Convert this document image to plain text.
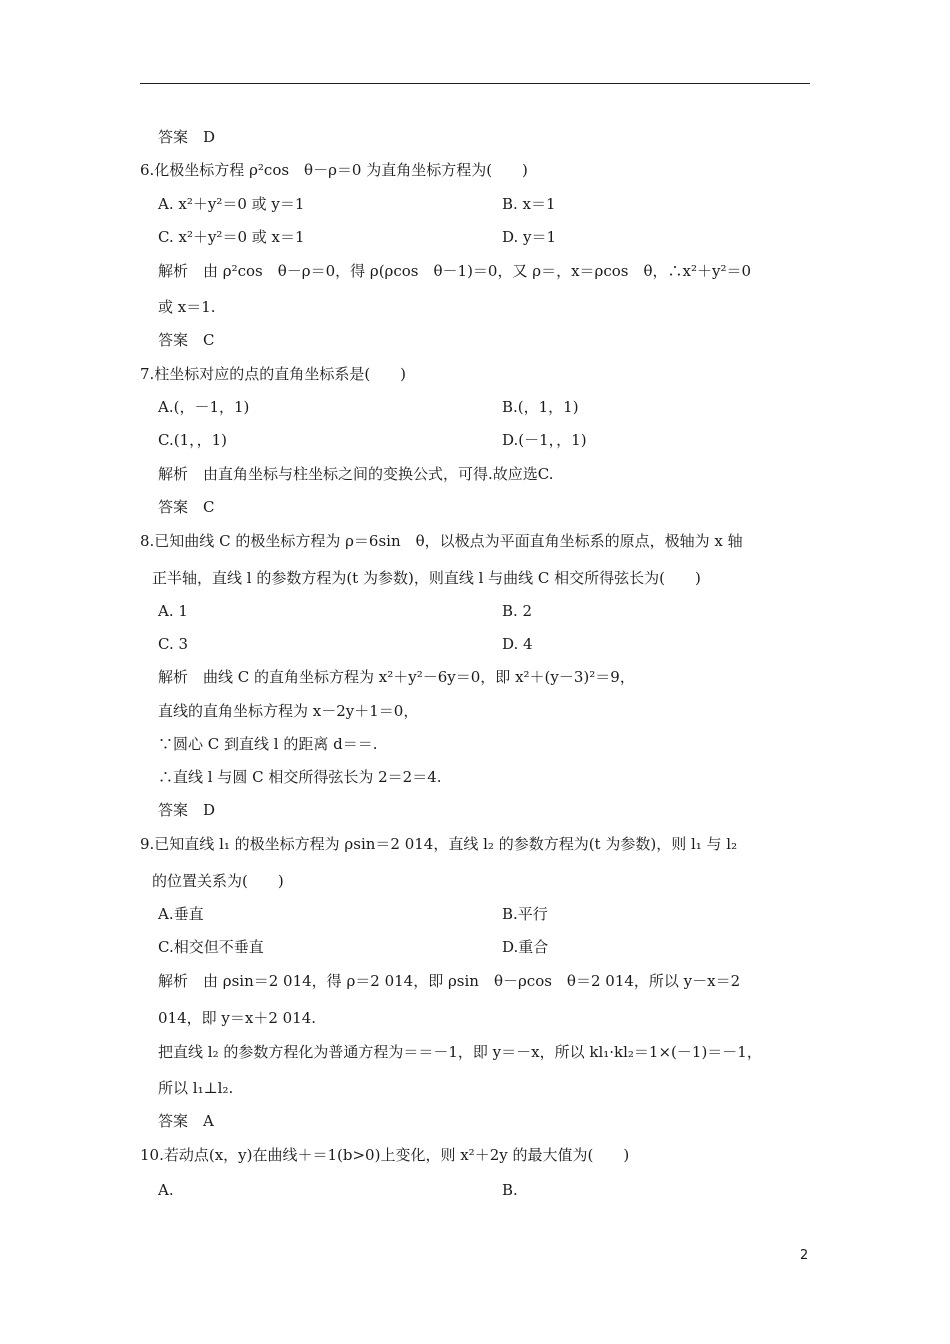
答案　D
6.化极坐标方程 ρ²cos　θ－ρ＝0 为直角坐标方程为(　　)
A. x²＋y²＝0 或 y＝1	B. x＝1
C. x²＋y²＝0 或 x＝1	D. y＝1
解析　由 ρ²cos　θ－ρ＝0，得 ρ(ρcos　θ－1)＝0，又 ρ＝，x＝ρcos　θ，∴x²＋y²＝0
或 x＝1.
答案　C
7.柱坐标对应的点的直角坐标系是(　　)
A.(，－1，1)	B.(，1，1)
C.(1，，1)	D.(－1，，1)
解析　由直角坐标与柱坐标之间的变换公式，可得.故应选C.
答案　C
8.已知曲线 C 的极坐标方程为 ρ＝6sin　θ，以极点为平面直角坐标系的原点，极轴为 x 轴
正半轴，直线 l 的参数方程为(t 为参数)，则直线 l 与曲线 C 相交所得弦长为(　　)
A. 1	B. 2
C. 3	D. 4
解析　曲线 C 的直角坐标方程为 x²＋y²－6y＝0，即 x²＋(y－3)²＝9，
直线的直角坐标方程为 x－2y＋1＝0，
∵圆心 C 到直线 l 的距离 d＝＝.
∴直线 l 与圆 C 相交所得弦长为 2＝2＝4.
答案　D
9.已知直线 l₁ 的极坐标方程为 ρsin＝2 014，直线 l₂ 的参数方程为(t 为参数)，则 l₁ 与 l₂
的位置关系为(　　)
A.垂直	B.平行
C.相交但不垂直	D.重合
解析　由 ρsin＝2 014，得 ρ＝2 014，即 ρsin　θ－ρcos　θ＝2 014，所以 y－x＝2
014，即 y＝x＋2 014.
把直线 l₂ 的参数方程化为普通方程为＝＝－1，即 y＝－x，所以 kl₁·kl₂＝1×(－1)＝－1，
所以 l₁⊥l₂.
答案　A
10.若动点(x，y)在曲线＋＝1(b>0)上变化，则 x²＋2y 的最大值为(　　)
A.	B.
2
